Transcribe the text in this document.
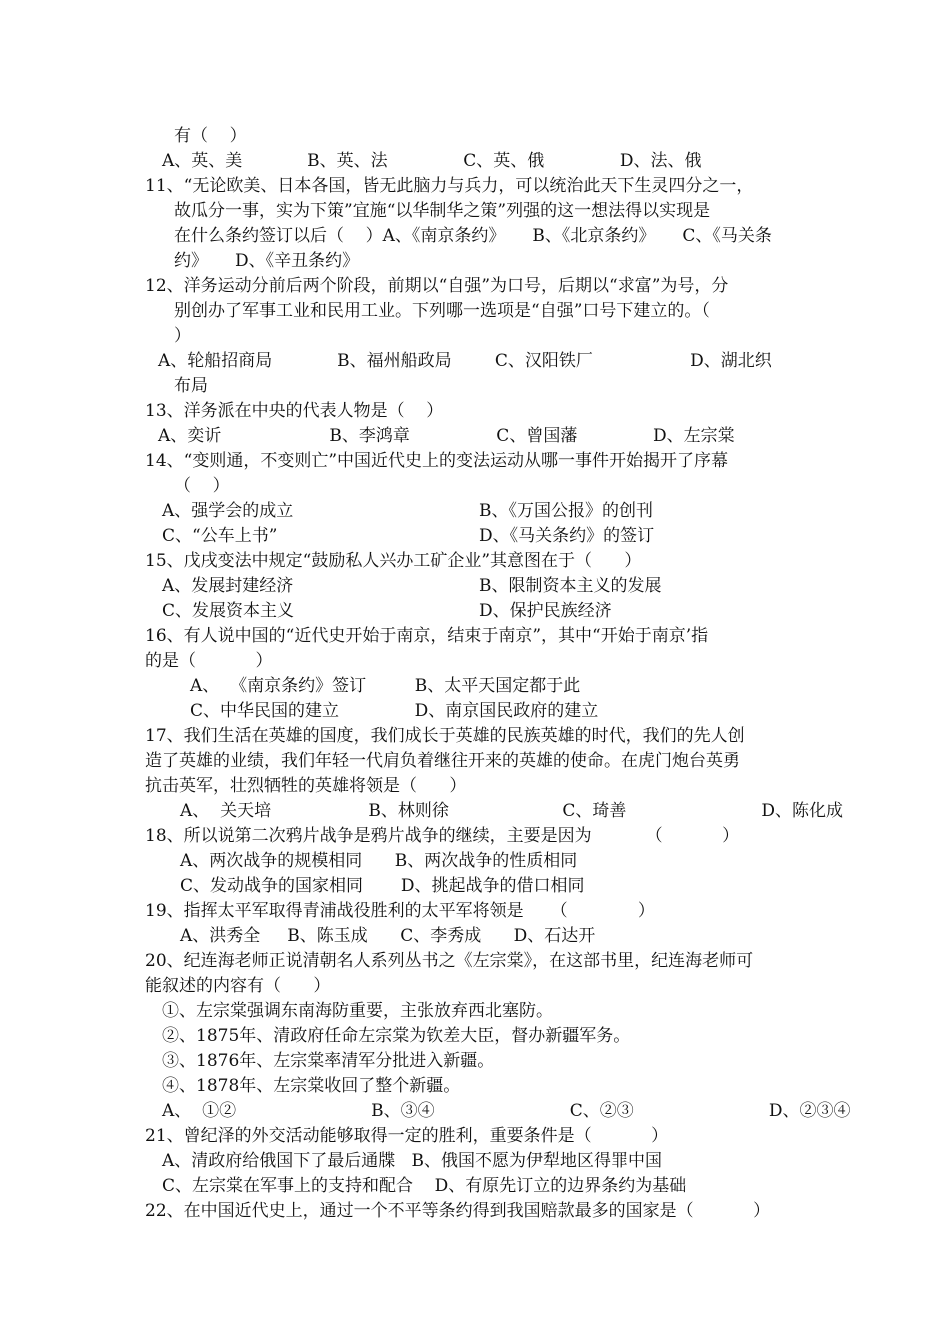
有（    ）
A、英、美            B、英、法              C、英、俄              D、法、俄
11、“无论欧美、日本各国，皆无此脑力与兵力，可以统治此天下生灵四分之一，
故瓜分一事，实为下策”宜施“以华制华之策”列强的这一想法得以实现是
在什么条约签订以后（    ）A、《南京条约》     B、《北京条约》     C、《马关条
约》     D、《辛丑条约》
12、洋务运动分前后两个阶段，前期以“自强”为口号，后期以“求富”为号，分
别创办了军事工业和民用工业。下列哪一选项是“自强”口号下建立的。（
）
A、轮船招商局            B、福州船政局        C、汉阳铁厂                  D、湖北织
布局
13、洋务派在中央的代表人物是（    ）
A、奕䜣                    B、李鸿章                C、曾国藩              D、左宗棠
14、“变则通，不变则亡”中国近代史上的变法运动从哪一事件开始揭开了序幕
（    ）
A、强学会的成立	B、《万国公报》的创刊
C、“公车上书”	D、《马关条约》的签订
15、戊戌变法中规定“鼓励私人兴办工矿企业”其意图在于（      ）
A、发展封建经济	B、限制资本主义的发展
C、发展资本主义	D、保护民族经济
16、有人说中国的“近代史开始于南京，结束于南京”，其中“开始于南京’指
的是（           ）
A、  《南京条约》签订         B、太平天国定都于此
C、中华民国的建立              D、南京国民政府的建立
17、我们生活在英雄的国度，我们成长于英雄的民族英雄的时代，我们的先人创
造了英雄的业绩，我们年轻一代肩负着继往开来的英雄的使命。在虎门炮台英勇
抗击英军，壮烈牺牲的英雄将领是（      ）
A、  关天培                  B、林则徐                     C、琦善                         D、陈化成
18、所以说第二次鸦片战争是鸦片战争的继续，主要是因为          （           ）
A、两次战争的规模相同      B、两次战争的性质相同
C、发动战争的国家相同       D、挑起战争的借口相同
19、指挥太平军取得青浦战役胜利的太平军将领是     （             ）
A、洪秀全     B、陈玉成      C、李秀成      D、石达开
20、纪连海老师正说清朝名人系列丛书之《左宗棠》，在这部书里，纪连海老师可
能叙述的内容有（      ）
①、左宗棠强调东南海防重要，主张放弃西北塞防。
②、1875年、清政府任命左宗棠为钦差大臣，督办新疆军务。
③、1876年、左宗棠率清军分批进入新疆。
④、1878年、左宗棠收回了整个新疆。
A、  ①②                         B、③④                         C、②③                         D、②③④
21、曾纪泽的外交活动能够取得一定的胜利，重要条件是（           ）
A、清政府给俄国下了最后通牒   B、俄国不愿为伊犁地区得罪中国
C、左宗棠在军事上的支持和配合    D、有原先订立的边界条约为基础
22、在中国近代史上，通过一个不平等条约得到我国赔款最多的国家是（           ）
